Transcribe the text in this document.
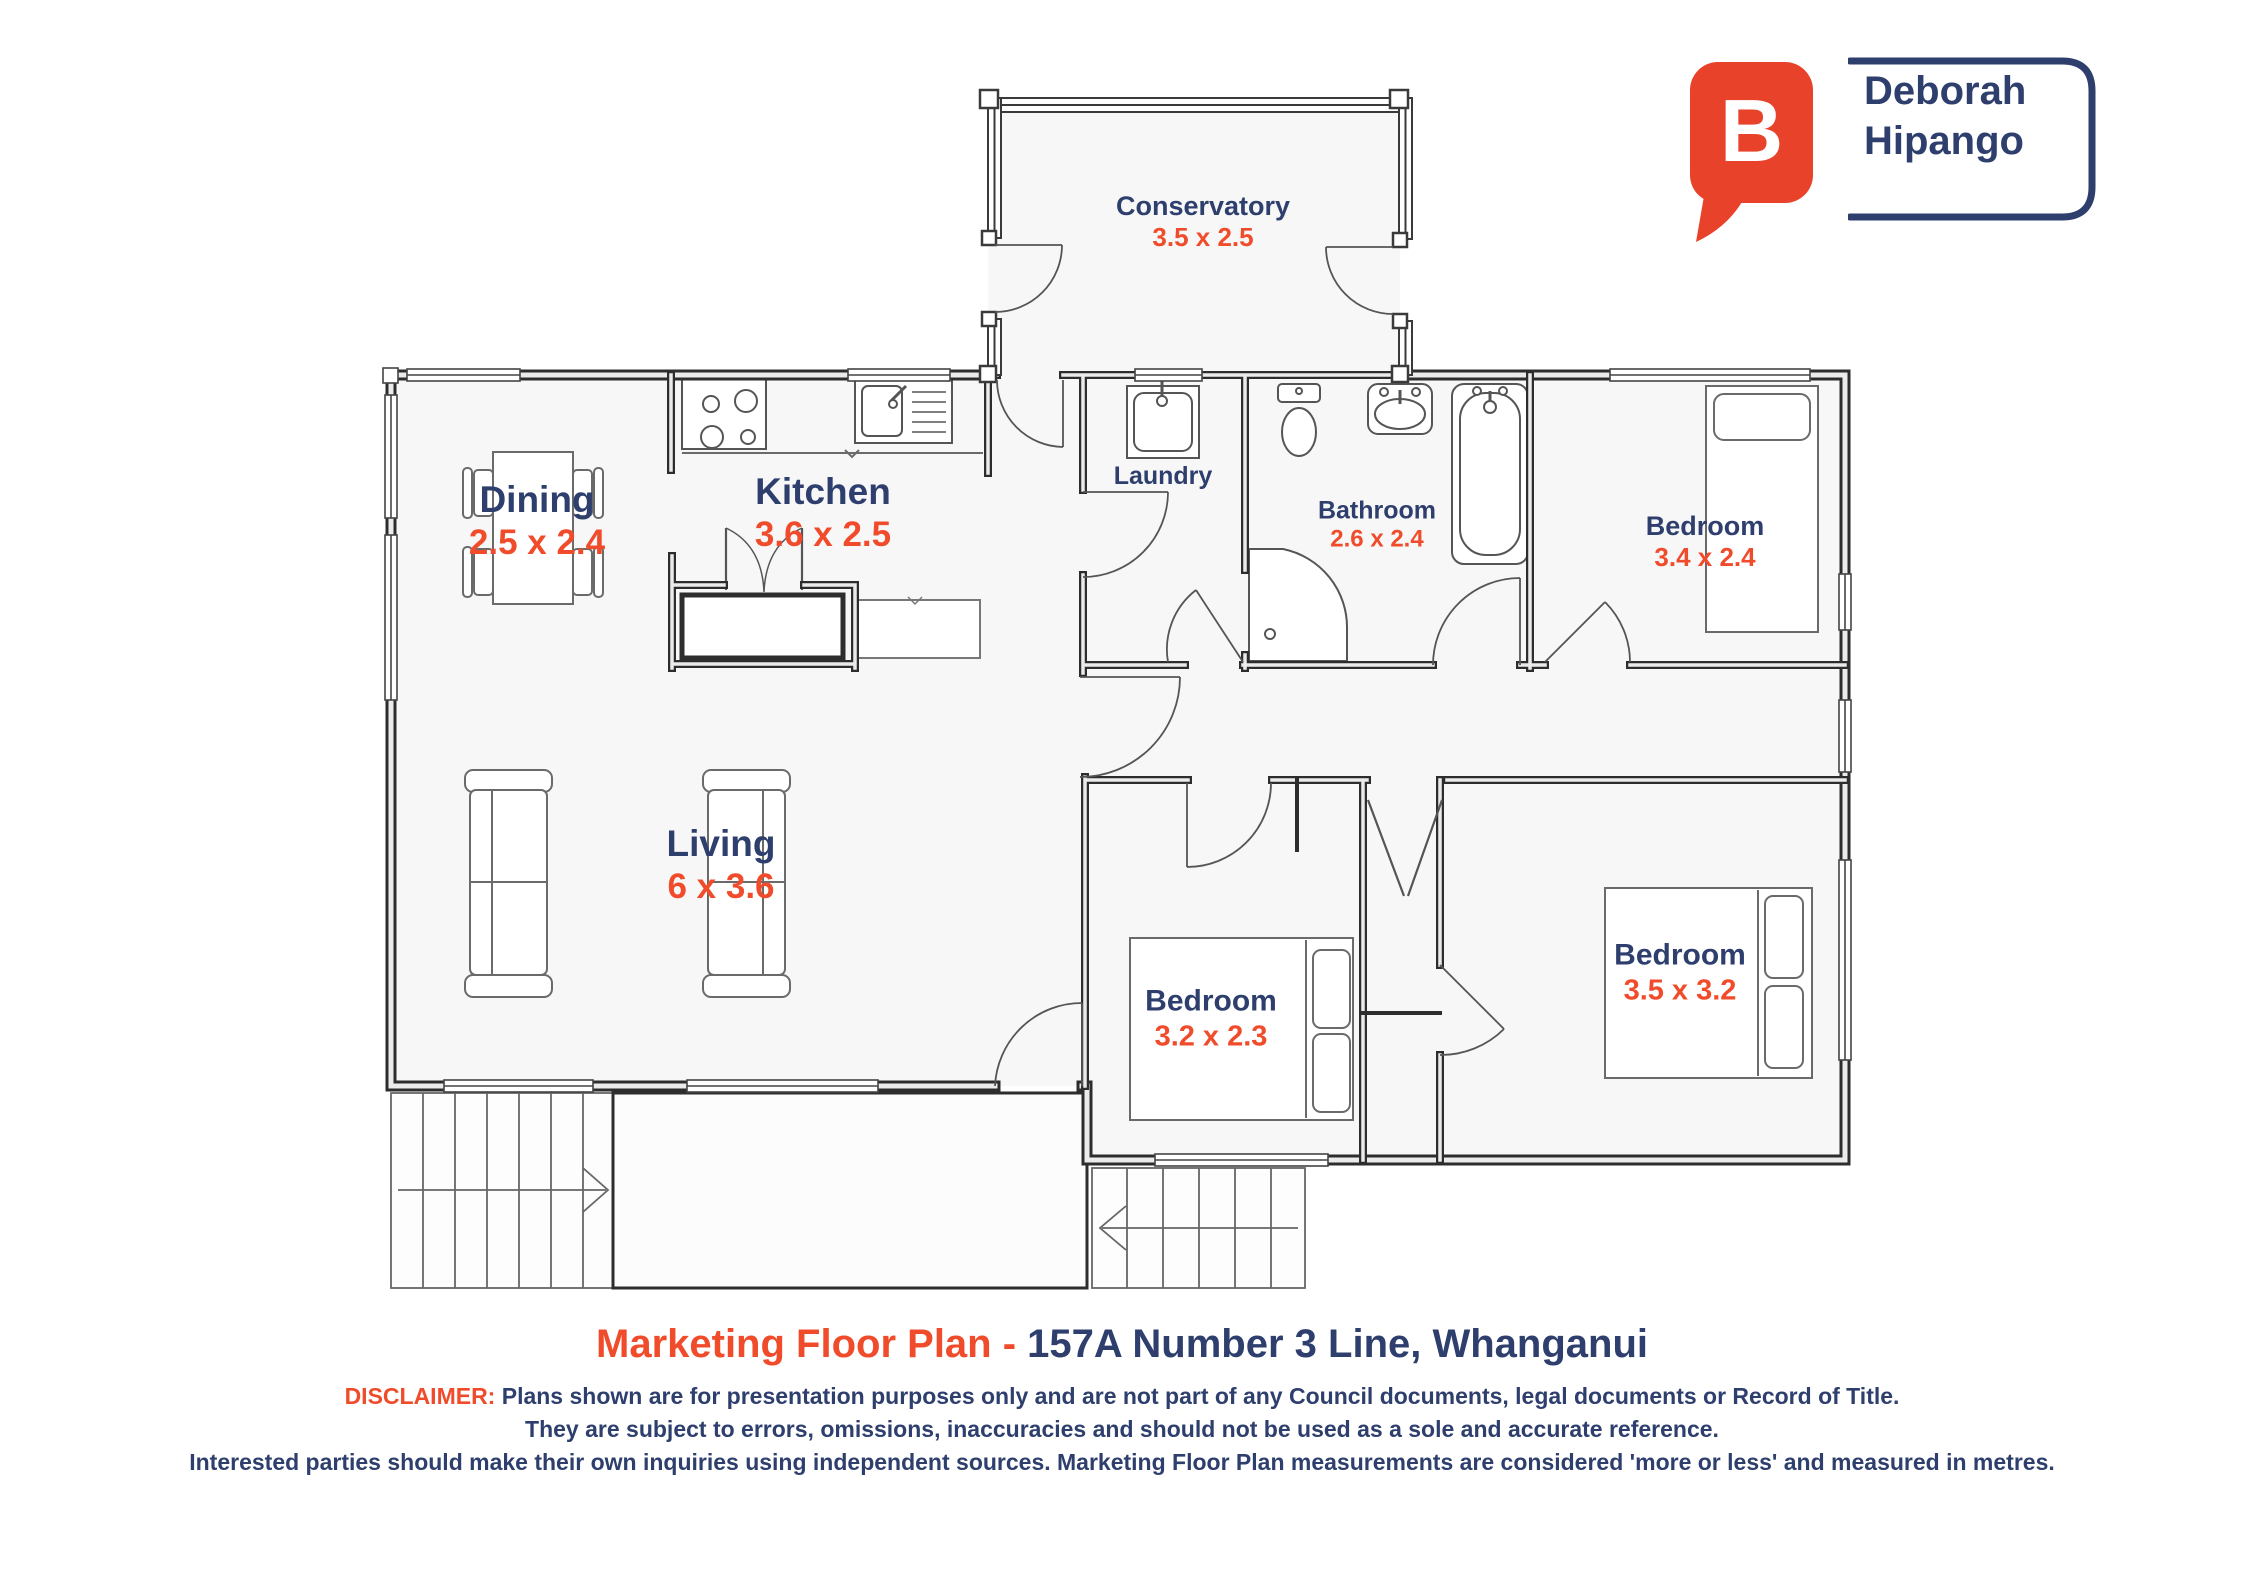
Conservatory
3.5 x 2.5
Dining
2.5 x 2.4
Kitchen
3.6 x 2.5
Laundry
Bathroom
2.6 x 2.4	Bedroom
3.4 x 2.4
Living
6 x 3.6
Bedroom
3.2 x 2.3
Bedroom
3.5 x 3.2
B	Deborah
Hipango
Marketing Floor Plan - 157A Number 3 Line, Whanganui
DISCLAIMER: Plans shown are for presentation purposes only and are not part of any Council documents, legal documents or Record of Title.
They are subject to errors, omissions, inaccuracies and should not be used as a sole and accurate reference.
Interested parties should make their own inquiries using independent sources. Marketing Floor Plan measurements are considered 'more or less' and measured in metres.
